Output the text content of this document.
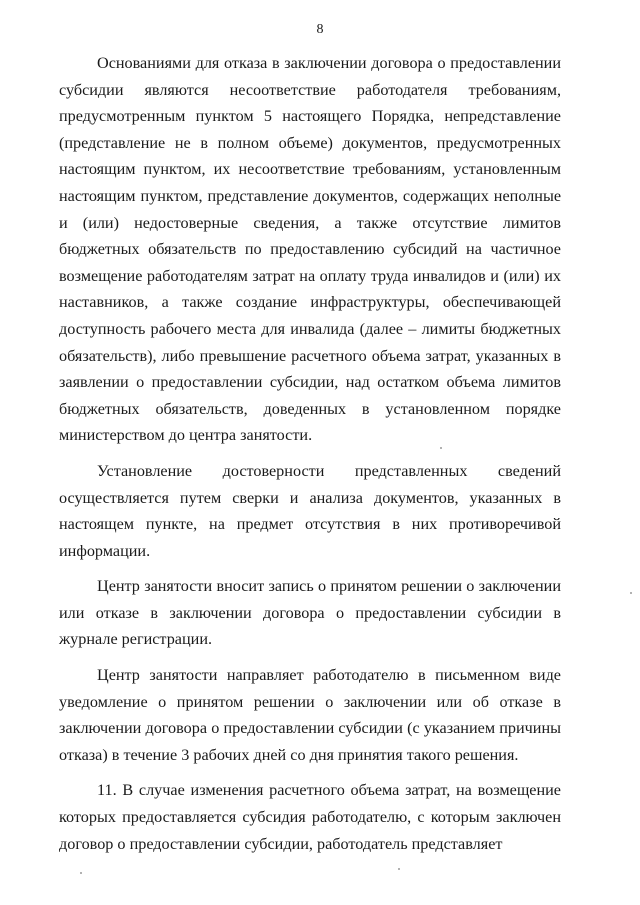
8

Основаниями для отказа в заключении договора о предоставлении субсидии являются несоответствие работодателя требованиям, предусмотренным пунктом 5 настоящего Порядка, непредставление (представление не в полном объеме) документов, предусмотренных настоящим пунктом, их несоответствие требованиям, установленным настоящим пунктом, представление документов, содержащих неполные и (или) недостоверные сведения, а также отсутствие лимитов бюджетных обязательств по предоставлению субсидий на частичное возмещение работодателям затрат на оплату труда инвалидов и (или) их наставников, а также создание инфраструктуры, обеспечивающей доступность рабочего места для инвалида (далее – лимиты бюджетных обязательств), либо превышение расчетного объема затрат, указанных в заявлении о предоставлении субсидии, над остатком объема лимитов бюджетных обязательств, доведенных в установленном порядке министерством до центра занятости.

Установление достоверности представленных сведений осуществляется путем сверки и анализа документов, указанных в настоящем пункте, на предмет отсутствия в них противоречивой информации.

Центр занятости вносит запись о принятом решении о заключении или отказе в заключении договора о предоставлении субсидии в журнале регистрации.

Центр занятости направляет работодателю в письменном виде уведомление о принятом решении о заключении или об отказе в заключении договора о предоставлении субсидии (с указанием причины отказа) в течение 3 рабочих дней со дня принятия такого решения.

11. В случае изменения расчетного объема затрат, на возмещение которых предоставляется субсидия работодателю, с которым заключен договор о предоставлении субсидии, работодатель представляет
